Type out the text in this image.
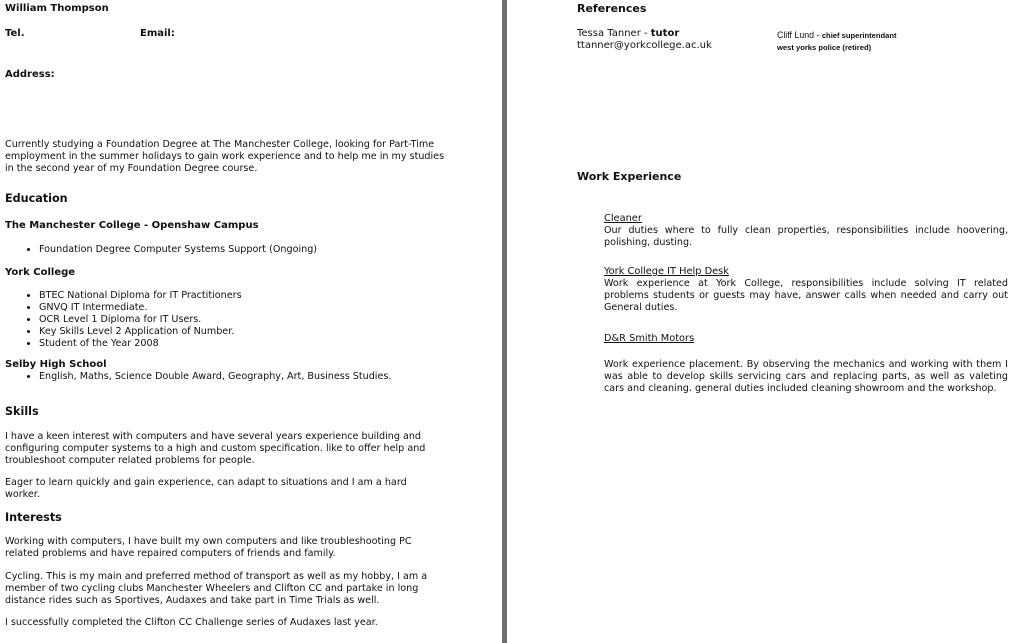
William Thompson
Tel.	Email:
Address:

Currently studying a Foundation Degree at The Manchester College, looking for Part-Time employment in the summer holidays to gain work experience and to help me in my studies in the second year of my Foundation Degree course.

Education
The Manchester College - Openshaw Campus
• Foundation Degree Computer Systems Support (Ongoing)
York College
• BTEC National Diploma for IT Practitioners
• GNVQ IT Intermediate.
• OCR Level 1 Diploma for IT Users.
• Key Skills Level 2 Application of Number.
• Student of the Year 2008
Selby High School
• English, Maths, Science Double Award, Geography, Art, Business Studies.
Skills

I have a keen interest with computers and have several years experience building and configuring computer systems to a high and custom specification. like to offer help and troubleshoot computer related problems for people.

Eager to learn quickly and gain experience, can adapt to situations and I am a hard worker.

Interests

Working with computers, I have built my own computers and like troubleshooting PC related problems and have repaired computers of friends and family.

Cycling. This is my main and preferred method of transport as well as my hobby, I am a member of two cycling clubs Manchester Wheelers and Clifton CC and partake in long distance rides such as Sportives, Audaxes and take part in Time Trials as well.

I successfully completed the Clifton CC Challenge series of Audaxes last year.

References
Tessa Tanner - tutor
ttanner@yorkcollege.ac.uk
Cliff Lund - chief superintendant
west yorks police (retired)
Work Experience
Cleaner
Our duties where to fully clean properties, responsibilities include hoovering, polishing, dusting.
York College IT Help Desk
Work experience at York College, responsibilities include solving IT related problems students or guests may have, answer calls when needed and carry out General duties.
D&R Smith Motors
Work experience placement. By observing the mechanics and working with them I was able to develop skills servicing cars and replacing parts, as well as valeting cars and cleaning. general duties included cleaning showroom and the workshop.
